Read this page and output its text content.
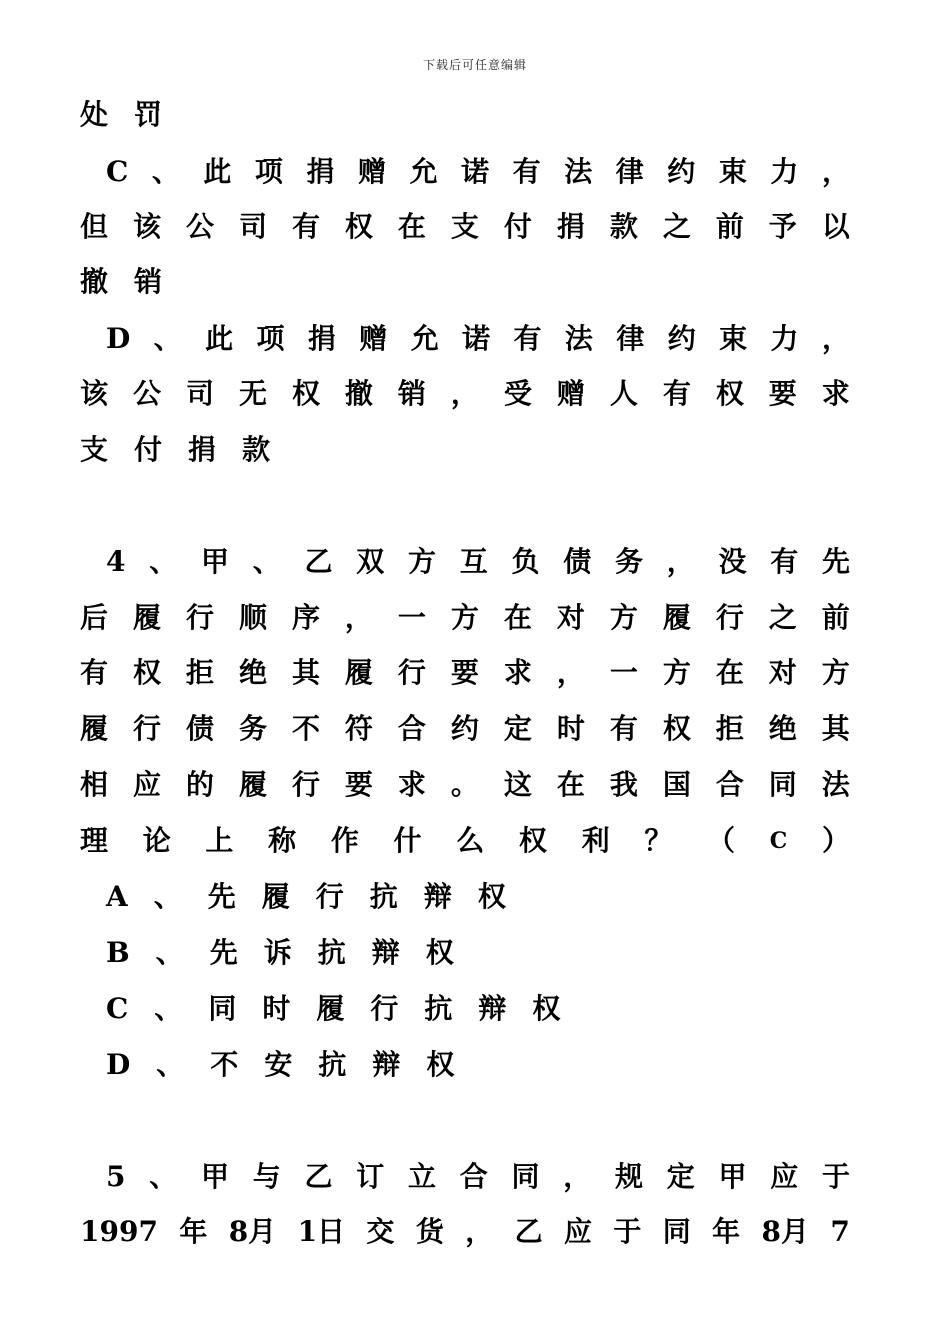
下载后可任意编辑
处 罚
C 、 此 项 捐 赠 允 诺 有 法 律 约 束 力 ，
但 该 公 司 有 权 在 支 付 捐 款 之 前 予 以
撤 销
D 、 此 项 捐 赠 允 诺 有 法 律 约 束 力 ，
该 公 司 无 权 撤 销 ， 受 赠 人 有 权 要 求
支 付 捐 款
4 、 甲 、 乙 双 方 互 负 债 务 ， 没 有 先
后 履 行 顺 序 ， 一 方 在 对 方 履 行 之 前
有 权 拒 绝 其 履 行 要 求 ， 一 方 在 对 方
履 行 债 务 不 符 合 约 定 时 有 权 拒 绝 其
相 应 的 履 行 要 求 。 这 在 我 国 合 同 法
理 论 上 称 作 什 么 权 利 ？ （ C ）
A 、 先 履 行 抗 辩 权
B 、 先 诉 抗 辩 权
C 、 同 时 履 行 抗 辩 权
D 、 不 安 抗 辩 权
5 、 甲 与 乙 订 立 合 同 ， 规 定 甲 应 于
1997 年 8月 1日 交 货 ， 乙 应 于 同 年 8月 7
